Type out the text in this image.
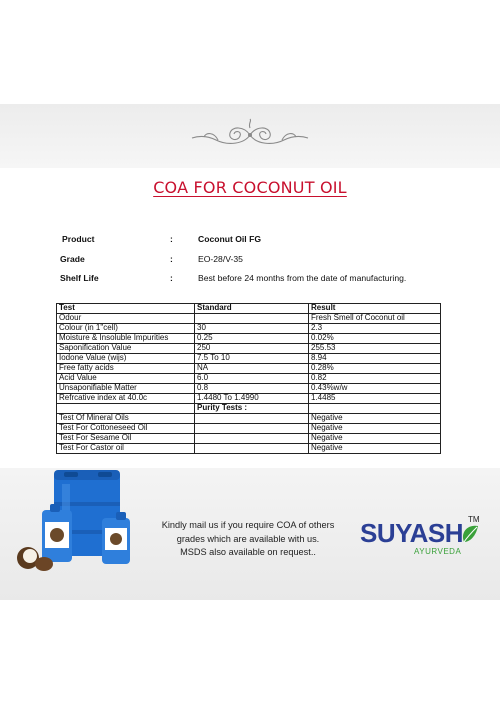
COA FOR COCONUT OIL
Product	:	Coconut Oil FG
Grade	:	EO-28/V-35
Shelf Life	:	Best before 24 months from the date of manufacturing.
Test	Standard	Result
Odour		Fresh Smell of Coconut oil
Colour (in 1"cell)	30	2.3
Moisture & Insoluble Impurities	0.25	0.02%
Saponification Value	250	255.53
Iodone Value (wijs)	7.5 To 10	8.94
Free fatty acids	NA	0.28%
Acid Value	6.0	0.82
Unsaponifiable Matter	0.8	0.43%w/w
Refrcative index at 40.0c	1.4480 To 1.4990	1.4485
	Purity Tests :	
Test Of Mineral Oils		Negative
Test For Cottoneseed Oil		Negative
Test For Sesame Oil		Negative
Test For Castor oil		Negative
Kindly mail us if you require COA of others
grades which are available with us.
MSDS also available on request..
SUYASH TM
AYURVEDA
